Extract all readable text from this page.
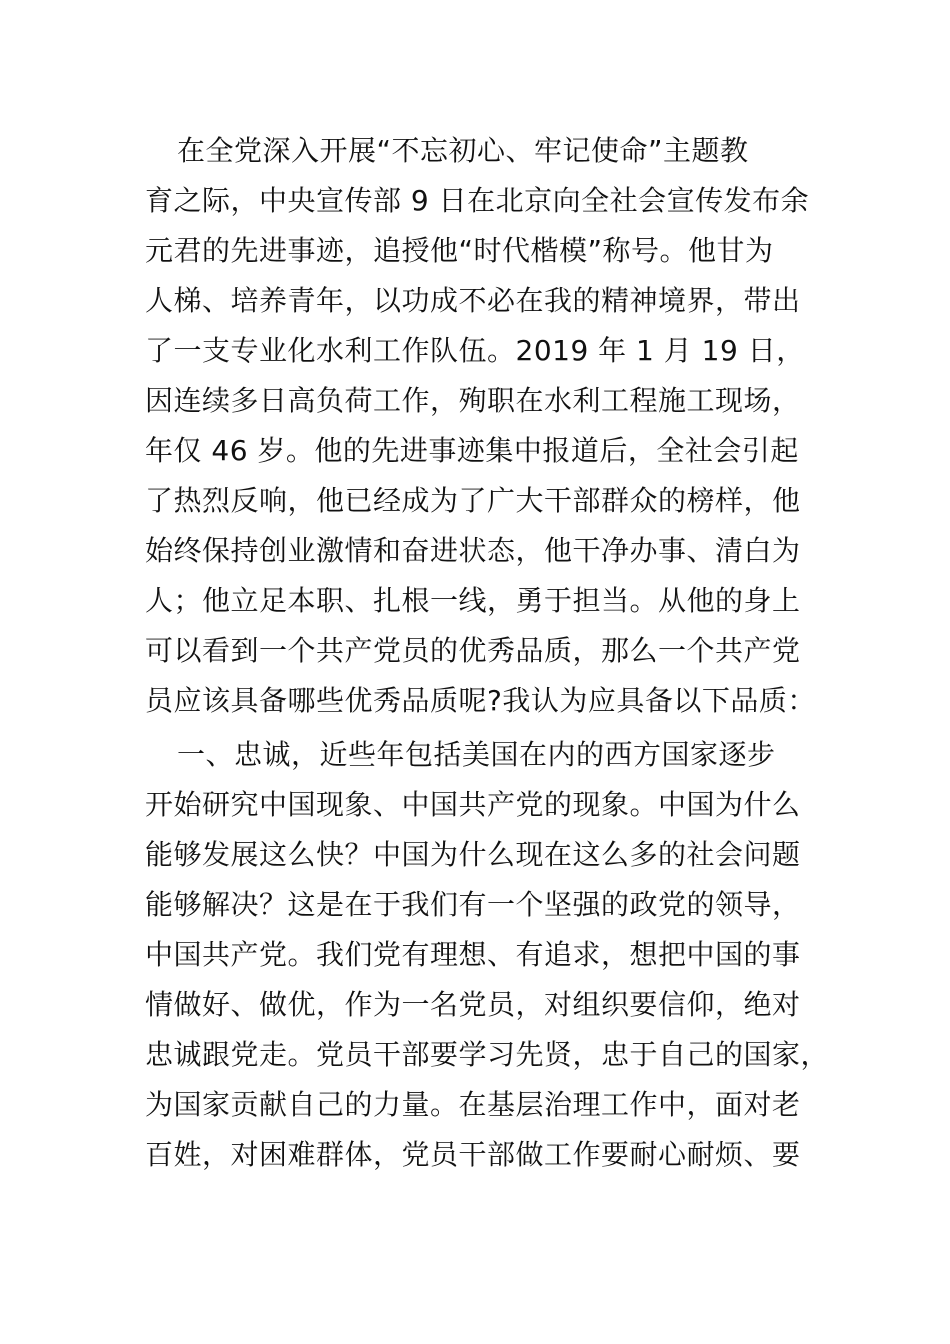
在全党深入开展“不忘初心、牢记使命”主题教
育之际，中央宣传部 9 日在北京向全社会宣传发布余
元君的先进事迹，追授他“时代楷模”称号。他甘为
人梯、培养青年，以功成不必在我的精神境界，带出
了一支专业化水利工作队伍。2019 年 1 月 19 日，
因连续多日高负荷工作，殉职在水利工程施工现场，
年仅 46 岁。他的先进事迹集中报道后，全社会引起
了热烈反响，他已经成为了广大干部群众的榜样，他
始终保持创业激情和奋进状态，他干净办事、清白为
人；他立足本职、扎根一线，勇于担当。从他的身上
可以看到一个共产党员的优秀品质，那么一个共产党
员应该具备哪些优秀品质呢?我认为应具备以下品质：
一、忠诚，近些年包括美国在内的西方国家逐步
开始研究中国现象、中国共产党的现象。中国为什么
能够发展这么快？中国为什么现在这么多的社会问题
能够解决？这是在于我们有一个坚强的政党的领导，
中国共产党。我们党有理想、有追求，想把中国的事
情做好、做优，作为一名党员，对组织要信仰，绝对
忠诚跟党走。党员干部要学习先贤，忠于自己的国家，
为国家贡献自己的力量。在基层治理工作中，面对老
百姓，对困难群体，党员干部做工作要耐心耐烦、要
